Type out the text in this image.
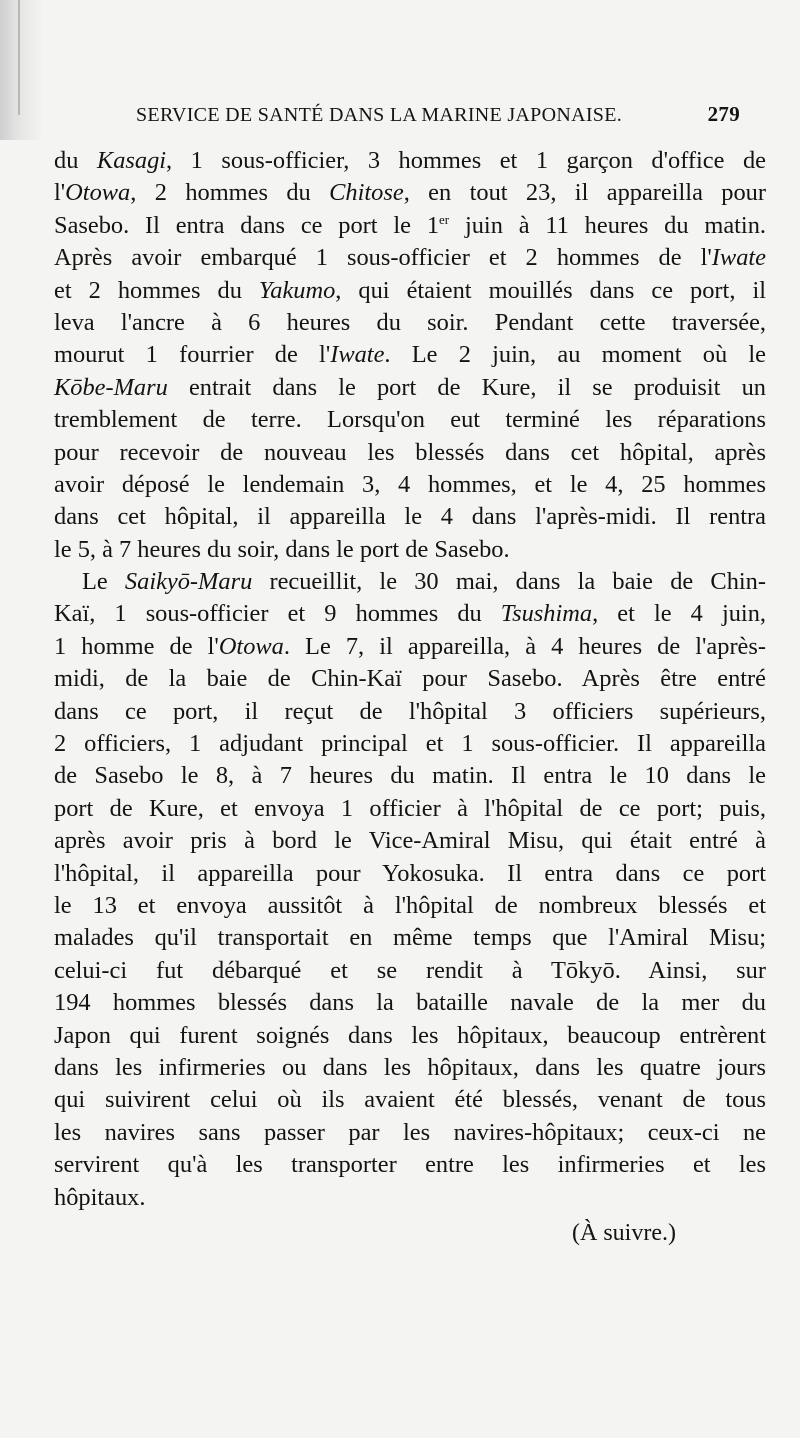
SERVICE DE SANTÉ DANS LA MARINE JAPONAISE.	279
du Kasagi, 1 sous-officier, 3 hommes et 1 garçon d'office de
l'Otowa, 2 hommes du Chitose, en tout 23, il appareilla pour
Sasebo. Il entra dans ce port le 1er juin à 11 heures du matin.
Après avoir embarqué 1 sous-officier et 2 hommes de l'Iwate
et 2 hommes du Yakumo, qui étaient mouillés dans ce port, il
leva l'ancre à 6 heures du soir. Pendant cette traversée,
mourut 1 fourrier de l'Iwate. Le 2 juin, au moment où le
Kōbe-Maru entrait dans le port de Kure, il se produisit un
tremblement de terre. Lorsqu'on eut terminé les réparations
pour recevoir de nouveau les blessés dans cet hôpital, après
avoir déposé le lendemain 3, 4 hommes, et le 4, 25 hommes
dans cet hôpital, il appareilla le 4 dans l'après-midi. Il rentra
le 5, à 7 heures du soir, dans le port de Sasebo.
Le Saikyō-Maru recueillit, le 30 mai, dans la baie de Chin-
Kaï, 1 sous-officier et 9 hommes du Tsushima, et le 4 juin,
1 homme de l'Otowa. Le 7, il appareilla, à 4 heures de l'après-
midi, de la baie de Chin-Kaï pour Sasebo. Après être entré
dans ce port, il reçut de l'hôpital 3 officiers supérieurs,
2 officiers, 1 adjudant principal et 1 sous-officier. Il appareilla
de Sasebo le 8, à 7 heures du matin. Il entra le 10 dans le
port de Kure, et envoya 1 officier à l'hôpital de ce port; puis,
après avoir pris à bord le Vice-Amiral Misu, qui était entré à
l'hôpital, il appareilla pour Yokosuka. Il entra dans ce port
le 13 et envoya aussitôt à l'hôpital de nombreux blessés et
malades qu'il transportait en même temps que l'Amiral Misu;
celui-ci fut débarqué et se rendit à Tōkyō. Ainsi, sur
194 hommes blessés dans la bataille navale de la mer du
Japon qui furent soignés dans les hôpitaux, beaucoup entrèrent
dans les infirmeries ou dans les hôpitaux, dans les quatre jours
qui suivirent celui où ils avaient été blessés, venant de tous
les navires sans passer par les navires-hôpitaux; ceux-ci ne
servirent qu'à les transporter entre les infirmeries et les
hôpitaux.
(À suivre.)
